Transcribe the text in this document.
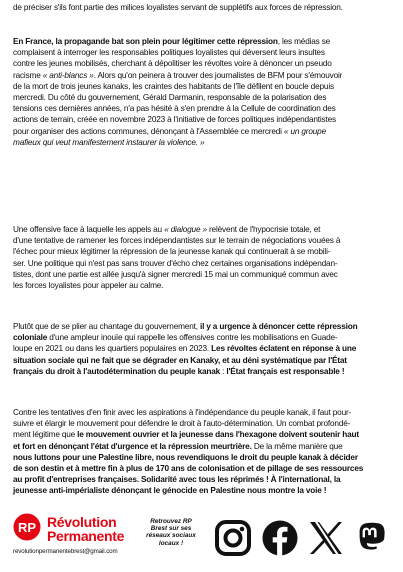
de préciser s'ils font partie des milices loyalistes servant de supplétifs aux forces de répression.
En France, la propagande bat son plein pour légitimer cette répression, les médias se
complaisent à interroger les responsables politiques loyalistes qui déversent leurs insultes
contre les jeunes mobilisés, cherchant à dépolitiser les révoltes voire à dénoncer un pseudo
racisme « anti-blancs ». Alors qu'on peinera à trouver des journalistes de BFM pour s'émouvoir
de la mort de trois jeunes kanaks, les craintes des habitants de l'île défilent en boucle depuis
mercredi. Du côté du gouvernement, Gérald Darmanin, responsable de la polarisation des
tensions ces dernières années, n'a pas hésité à s'en prendre à la Cellule de coordination des
actions de terrain, créée en novembre 2023 à l'initiative de forces politiques indépendantistes
pour organiser des actions communes, dénonçant à l'Assemblée ce mercredi « un groupe
mafieux qui veut manifestement instaurer la violence. »
Une offensive face à laquelle les appels au « dialogue » relèvent de l'hypocrisie totale, et
d'une tentative de ramener les forces indépendantistes sur le terrain de négociations vouées à
l'échec pour mieux légitimer la répression de la jeunesse kanak qui continuerait à se mobili-
ser. Une politique qui n'est pas sans trouver d'écho chez certaines organisations indépendan-
tistes, dont une partie est allée jusqu'à signer mercredi 15 mai un communiqué commun avec
les forces loyalistes pour appeler au calme.
Plutôt que de se plier au chantage du gouvernement, il y a urgence à dénoncer cette répression
coloniale d'une ampleur inouïe qui rappelle les offensives contre les mobilisations en Guade-
loupe en 2021 ou dans les quartiers populaires en 2023. Les révoltes éclatent en réponse à une
situation sociale qui ne fait que se dégrader en Kanaky, et au déni systématique par l'État
français du droit à l'autodétermination du peuple kanak : l'État français est responsable !
Contre les tentatives d'en finir avec les aspirations à l'indépendance du peuple kanak, il faut pour-
suivre et élargir le mouvement pour défendre le droit à l'auto-détermination. Un combat profondé-
ment légitime que le mouvement ouvrier et la jeunesse dans l'hexagone doivent soutenir haut
et fort en dénonçant l'état d'urgence et la répression meurtrière. De la même manière que
nous luttons pour une Palestine libre, nous revendiquons le droit du peuple kanak à décider
de son destin et à mettre fin à plus de 170 ans de colonisation et de pillage de ses ressources
au profit d'entreprises françaises. Solidarité avec tous les réprimés ! À l'international, la
jeunesse anti-impérialiste dénonçant le génocide en Palestine nous montre la voie !
RP Révolution
Permanente
revolutionpermanentebrest@gmail.com
Retrouvez RP
Brest sur ses
réseaux sociaux
locaux !
